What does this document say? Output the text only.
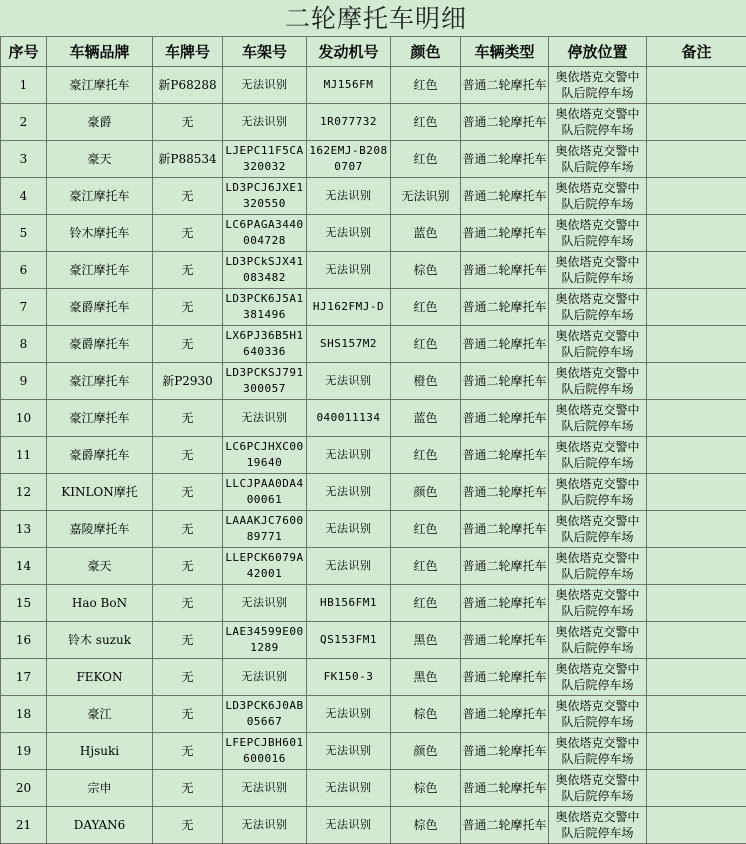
二轮摩托车明细
序号	车辆品牌	车牌号	车架号	发动机号	颜色	车辆类型	停放位置	备注
1	豪江摩托车	新P68288	无法识别	MJ156FM	红色	普通二轮摩托车	奥依塔克交警中队后院停车场	
2	豪爵	无	无法识别	1R077732	红色	普通二轮摩托车	奥依塔克交警中队后院停车场	
3	豪天	新P88534	LJEPC11F5CA320032	162EMJ-B2080707	红色	普通二轮摩托车	奥依塔克交警中队后院停车场	
4	豪江摩托车	无	LD3PCJ6JXE1320550	无法识别	无法识别	普通二轮摩托车	奥依塔克交警中队后院停车场	
5	铃木摩托车	无	LC6PAGA3440004728	无法识别	蓝色	普通二轮摩托车	奥依塔克交警中队后院停车场	
6	豪江摩托车	无	LD3PCkSJX41083482	无法识别	棕色	普通二轮摩托车	奥依塔克交警中队后院停车场	
7	豪爵摩托车	无	LD3PCK6J5A1381496	HJ162FMJ-D	红色	普通二轮摩托车	奥依塔克交警中队后院停车场	
8	豪爵摩托车	无	LX6PJ36B5H1640336	SHS157M2	红色	普通二轮摩托车	奥依塔克交警中队后院停车场	
9	豪江摩托车	新P2930	LD3PCKSJ791300057	无法识别	橙色	普通二轮摩托车	奥依塔克交警中队后院停车场	
10	豪江摩托车	无	无法识别	040011134	蓝色	普通二轮摩托车	奥依塔克交警中队后院停车场	
11	豪爵摩托车	无	LC6PCJHXC0019640	无法识别	红色	普通二轮摩托车	奥依塔克交警中队后院停车场	
12	KINLON摩托	无	LLCJPAA0DA400061	无法识别	颜色	普通二轮摩托车	奥依塔克交警中队后院停车场	
13	嘉陵摩托车	无	LAAAKJC760089771	无法识别	红色	普通二轮摩托车	奥依塔克交警中队后院停车场	
14	豪天	无	LLEPCK6079A42001	无法识别	红色	普通二轮摩托车	奥依塔克交警中队后院停车场	
15	Hao BoN	无	无法识别	HB156FM1	红色	普通二轮摩托车	奥依塔克交警中队后院停车场	
16	铃木 suzuk	无	LAE34599E001289	QS153FM1	黑色	普通二轮摩托车	奥依塔克交警中队后院停车场	
17	FEKON	无	无法识别	FK150-3	黑色	普通二轮摩托车	奥依塔克交警中队后院停车场	
18	豪江	无	LD3PCK6J0AB05667	无法识别	棕色	普通二轮摩托车	奥依塔克交警中队后院停车场	
19	Hjsuki	无	LFEPCJBH601600016	无法识别	颜色	普通二轮摩托车	奥依塔克交警中队后院停车场	
20	宗申	无	无法识别	无法识别	棕色	普通二轮摩托车	奥依塔克交警中队后院停车场	
21	DAYAN6	无	无法识别	无法识别	棕色	普通二轮摩托车	奥依塔克交警中队后院停车场	
